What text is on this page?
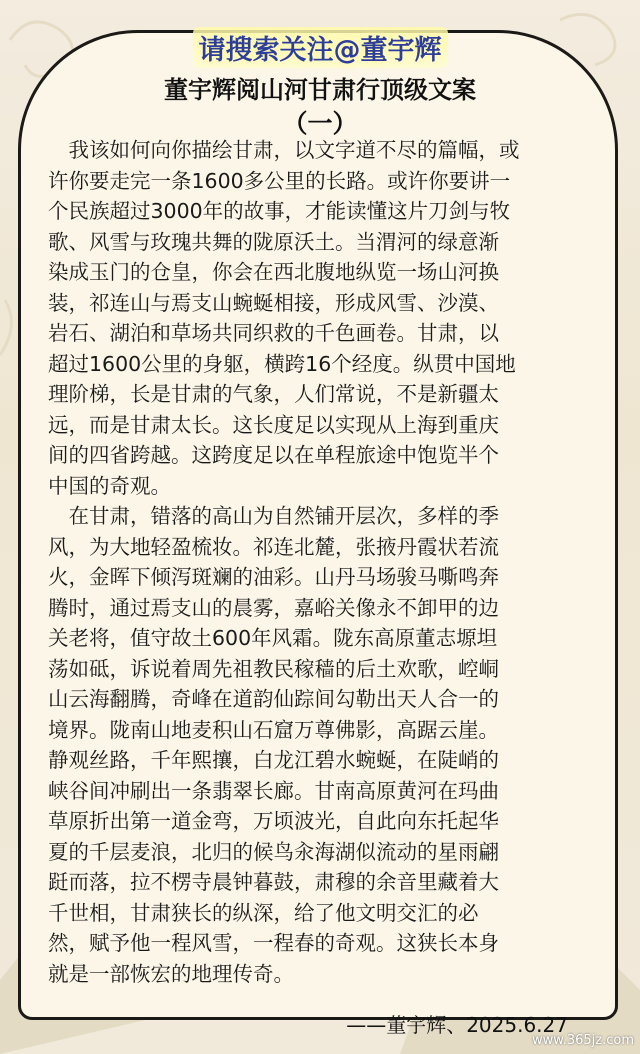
请搜索关注@董宇辉
董宇辉阅山河甘肃行顶级文案
（一）
　我该如何向你描绘甘肃，以文字道不尽的篇幅，或
许你要走完一条1600多公里的长路。或许你要讲一
个民族超过3000年的故事，才能读懂这片刀剑与牧
歌、风雪与玫瑰共舞的陇原沃土。当渭河的绿意渐
染成玉门的仓皇，你会在西北腹地纵览一场山河换
装，祁连山与焉支山蜿蜒相接，形成风雪、沙漠、
岩石、湖泊和草场共同织救的千色画卷。甘肃，以
超过1600公里的身躯，横跨16个经度。纵贯中国地
理阶梯，长是甘肃的气象，人们常说，不是新疆太
远，而是甘肃太长。这长度足以实现从上海到重庆
间的四省跨越。这跨度足以在单程旅途中饱览半个
中国的奇观。
　在甘肃，错落的高山为自然铺开层次，多样的季
风，为大地轻盈梳妆。祁连北麓，张掖丹霞状若流
火，金晖下倾泻斑斓的油彩。山丹马场骏马嘶鸣奔
腾时，通过焉支山的晨雾，嘉峪关像永不卸甲的边
关老将，值守故土600年风霜。陇东高原董志塬坦
荡如砥，诉说着周先祖教民稼穑的后土欢歌，崆峒
山云海翻腾，奇峰在道韵仙踪间勾勒出天人合一的
境界。陇南山地麦积山石窟万尊佛影，高踞云崖。
静观丝路，千年熙攘，白龙江碧水蜿蜒，在陡峭的
峡谷间冲刷出一条翡翠长廊。甘南高原黄河在玛曲
草原折出第一道金弯，万顷波光，自此向东托起华
夏的千层麦浪，北归的候鸟汆海湖似流动的星雨翩
跹而落，拉不楞寺晨钟暮鼓，肃穆的余音里藏着大
千世相，甘肃狭长的纵深，给了他文明交汇的必
然，赋予他一程风雪，一程春的奇观。这狭长本身
就是一部恢宏的地理传奇。
——董宇辉、2025.6.27
www.365jz.com
